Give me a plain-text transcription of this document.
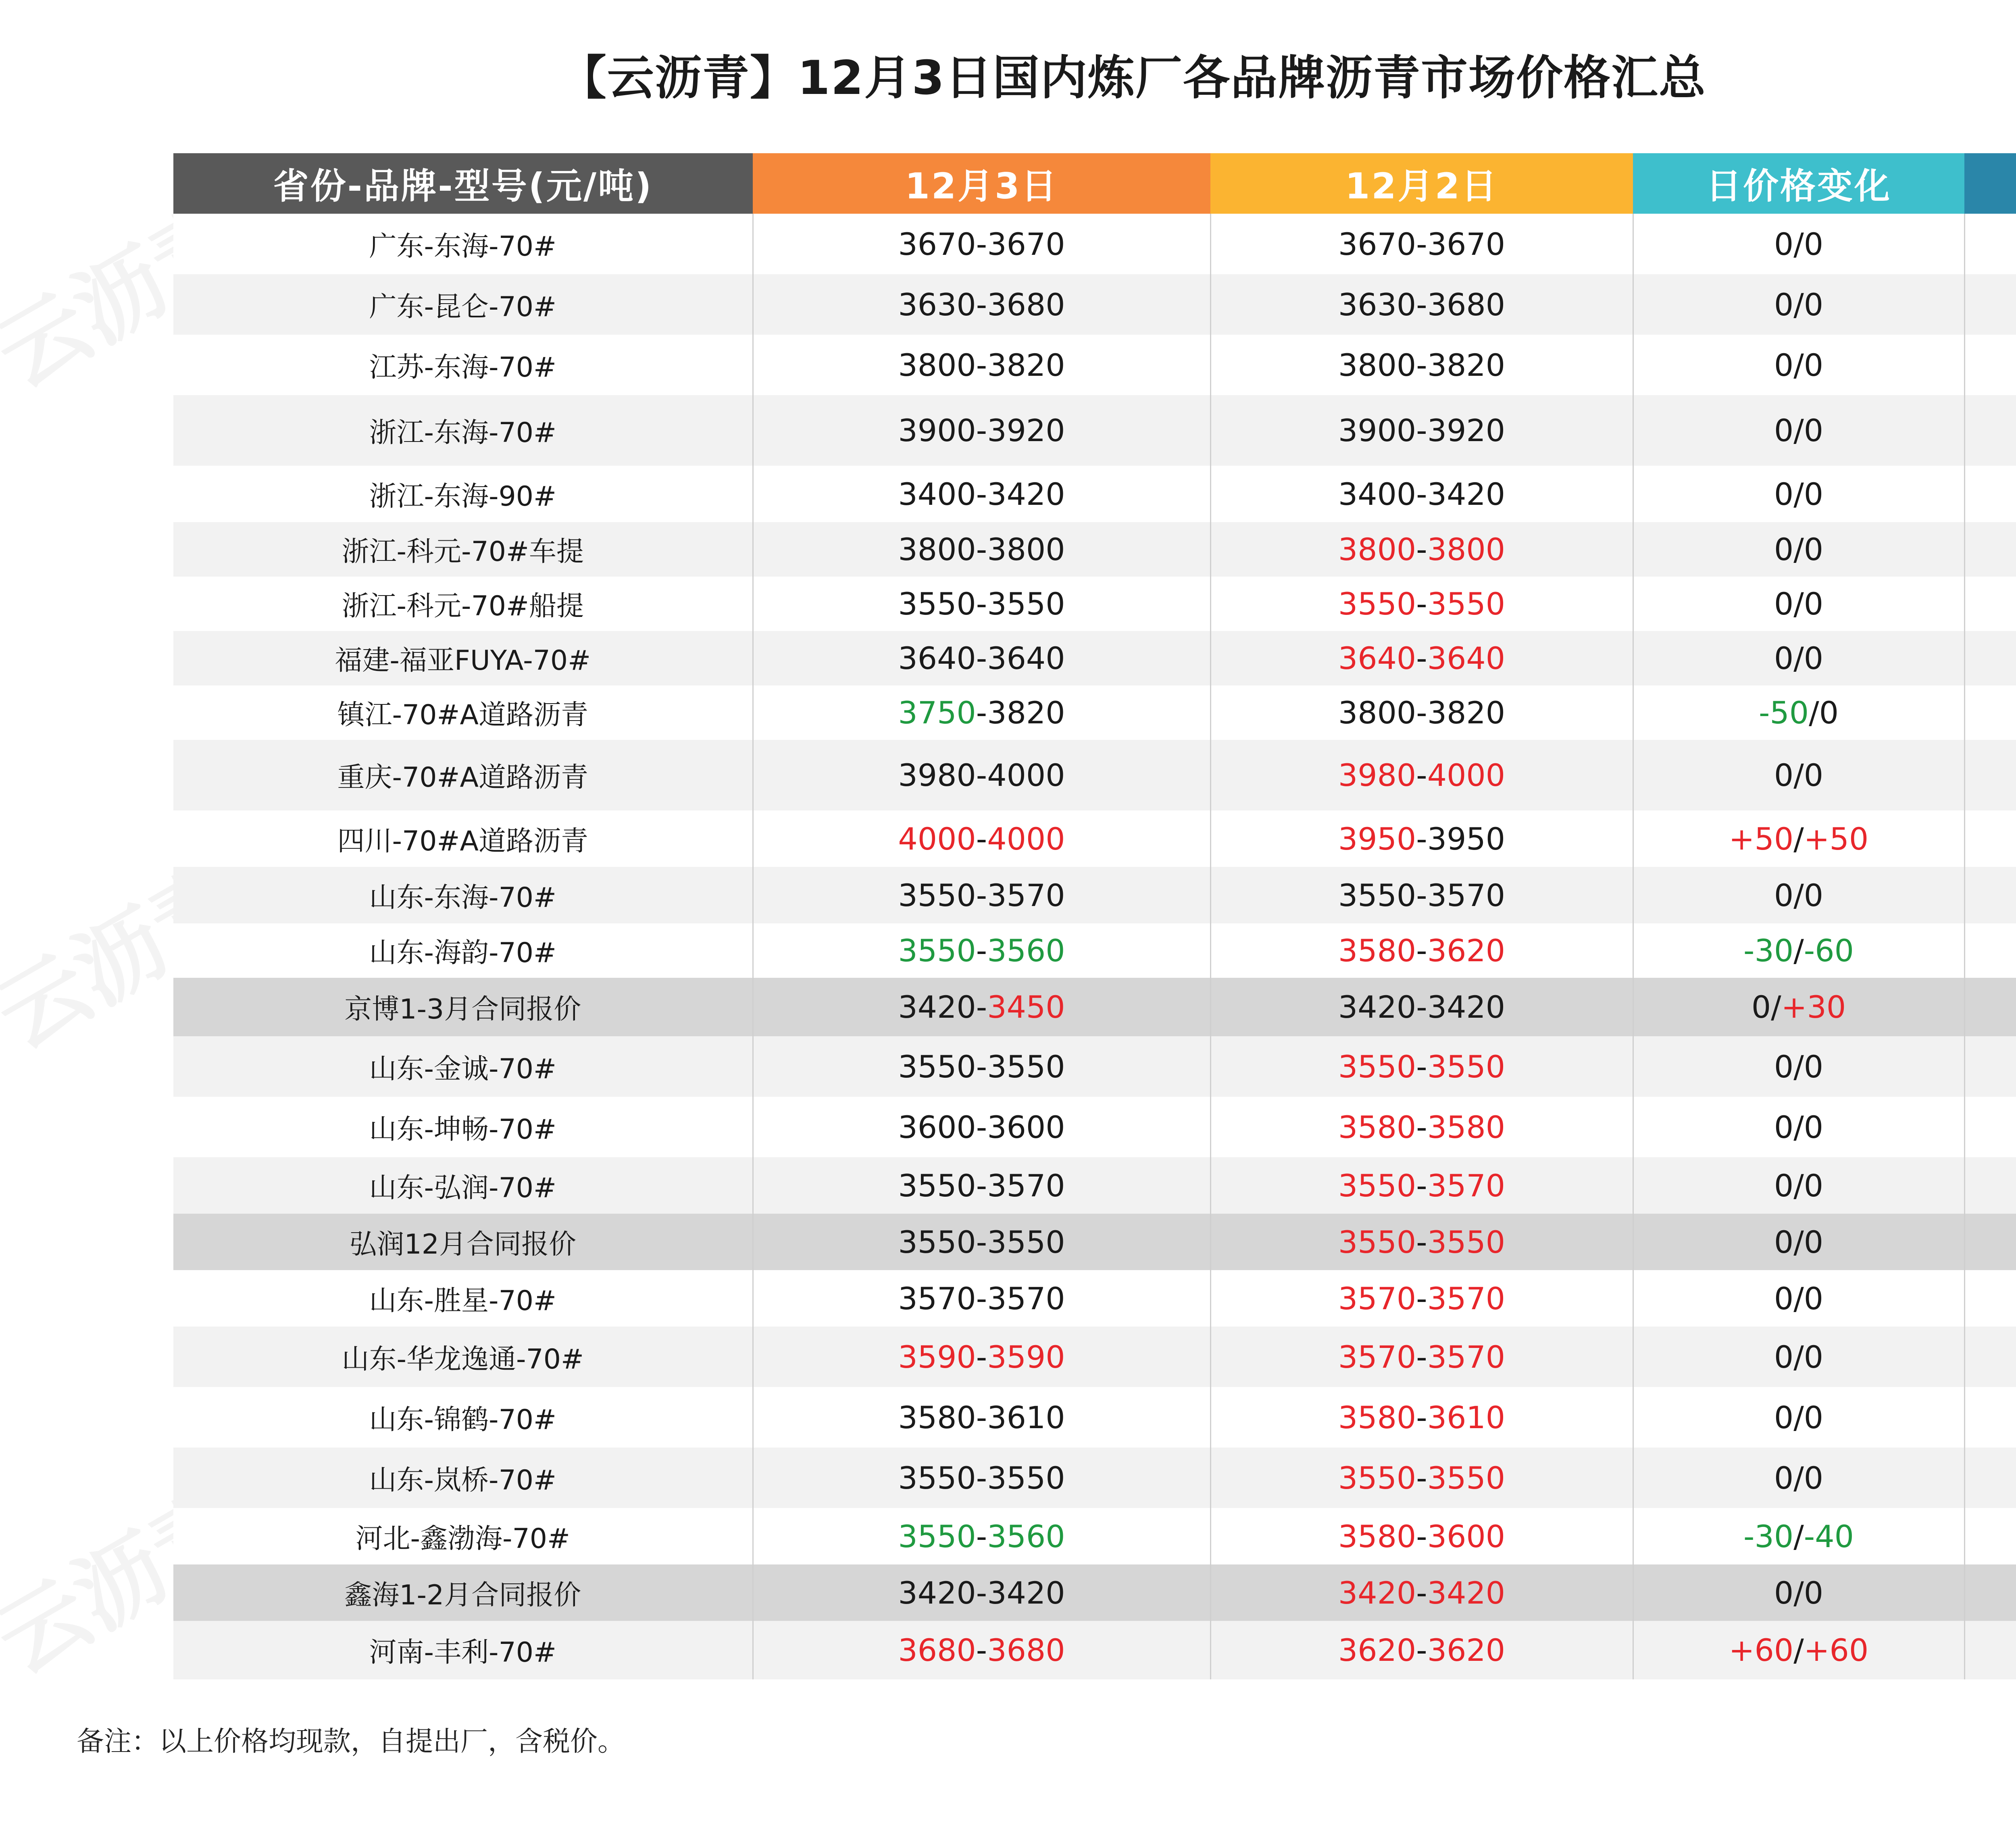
【云沥青】12月3日国内炼厂各品牌沥青市场价格汇总
省份-品牌-型号(元/吨)	12月3日	12月2日	日价格变化	
广东-东海-70#	3670-3670	3670-3670	0/0	
广东-昆仑-70#	3630-3680	3630-3680	0/0	
江苏-东海-70#	3800-3820	3800-3820	0/0	
浙江-东海-70#	3900-3920	3900-3920	0/0	
浙江-东海-90#	3400-3420	3400-3420	0/0	
浙江-科元-70#车提	3800-3800	3800-3800	0/0	
浙江-科元-70#船提	3550-3550	3550-3550	0/0	
福建-福亚FUYA-70#	3640-3640	3640-3640	0/0	
镇江-70#A道路沥青	3750-3820	3800-3820	-50/0	
重庆-70#A道路沥青	3980-4000	3980-4000	0/0	
四川-70#A道路沥青	4000-4000	3950-3950	+50/+50	
山东-东海-70#	3550-3570	3550-3570	0/0	
山东-海韵-70#	3550-3560	3580-3620	-30/-60	
京博1-3月合同报价	3420-3450	3420-3420	0/+30	
山东-金诚-70#	3550-3550	3550-3550	0/0	
山东-坤畅-70#	3600-3600	3580-3580	0/0	
山东-弘润-70#	3550-3570	3550-3570	0/0	
弘润12月合同报价	3550-3550	3550-3550	0/0	
山东-胜星-70#	3570-3570	3570-3570	0/0	
山东-华龙逸通-70#	3590-3590	3570-3570	0/0	
山东-锦鹤-70#	3580-3610	3580-3610	0/0	
山东-岚桥-70#	3550-3550	3550-3550	0/0	
河北-鑫渤海-70#	3550-3560	3580-3600	-30/-40	
鑫海1-2月合同报价	3420-3420	3420-3420	0/0	
河南-丰利-70#	3680-3680	3620-3620	+60/+60	
备注：以上价格均现款，自提出厂，含税价。
